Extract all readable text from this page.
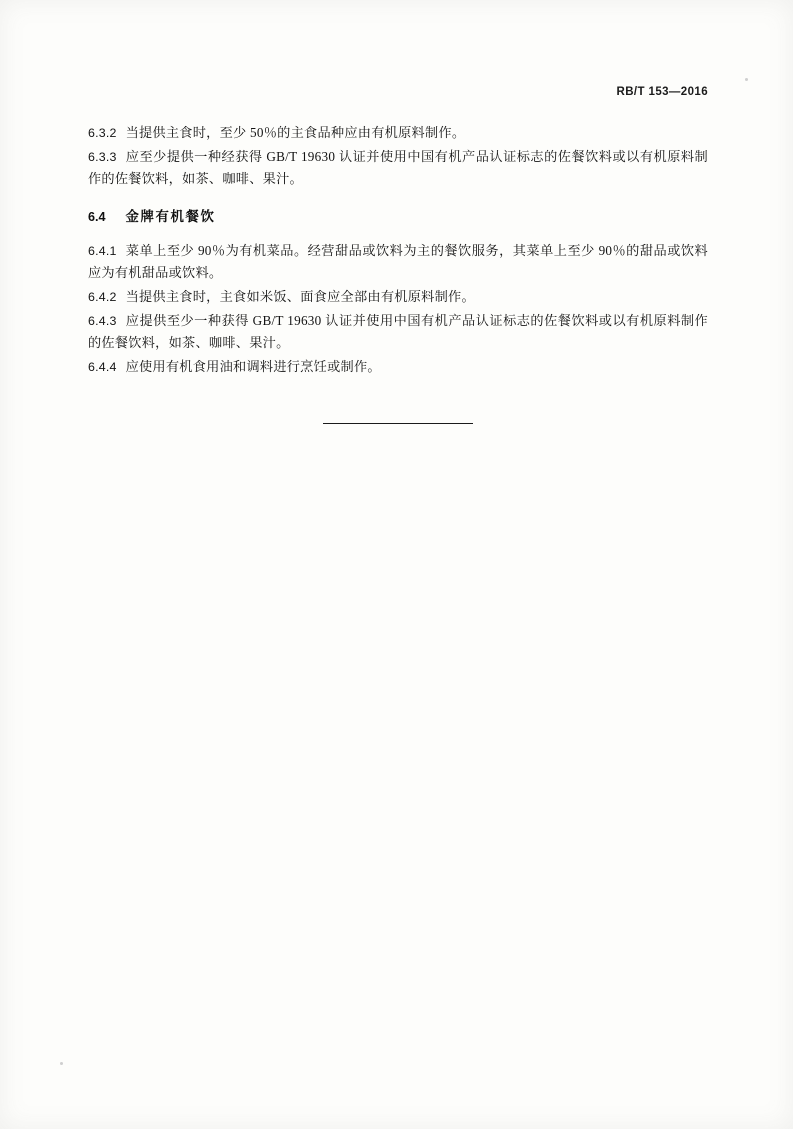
RB/T 153—2016

6.3.2 当提供主食时，至少 50％的主食品种应由有机原料制作。

6.3.3 应至少提供一种经获得 GB/T 19630 认证并使用中国有机产品认证标志的佐餐饮料或以有机原料制作的佐餐饮料，如茶、咖啡、果汁。

6.4 金牌有机餐饮

6.4.1 菜单上至少 90％为有机菜品。经营甜品或饮料为主的餐饮服务，其菜单上至少 90％的甜品或饮料应为有机甜品或饮料。

6.4.2 当提供主食时，主食如米饭、面食应全部由有机原料制作。

6.4.3 应提供至少一种获得 GB/T 19630 认证并使用中国有机产品认证标志的佐餐饮料或以有机原料制作的佐餐饮料，如茶、咖啡、果汁。

6.4.4 应使用有机食用油和调料进行烹饪或制作。
